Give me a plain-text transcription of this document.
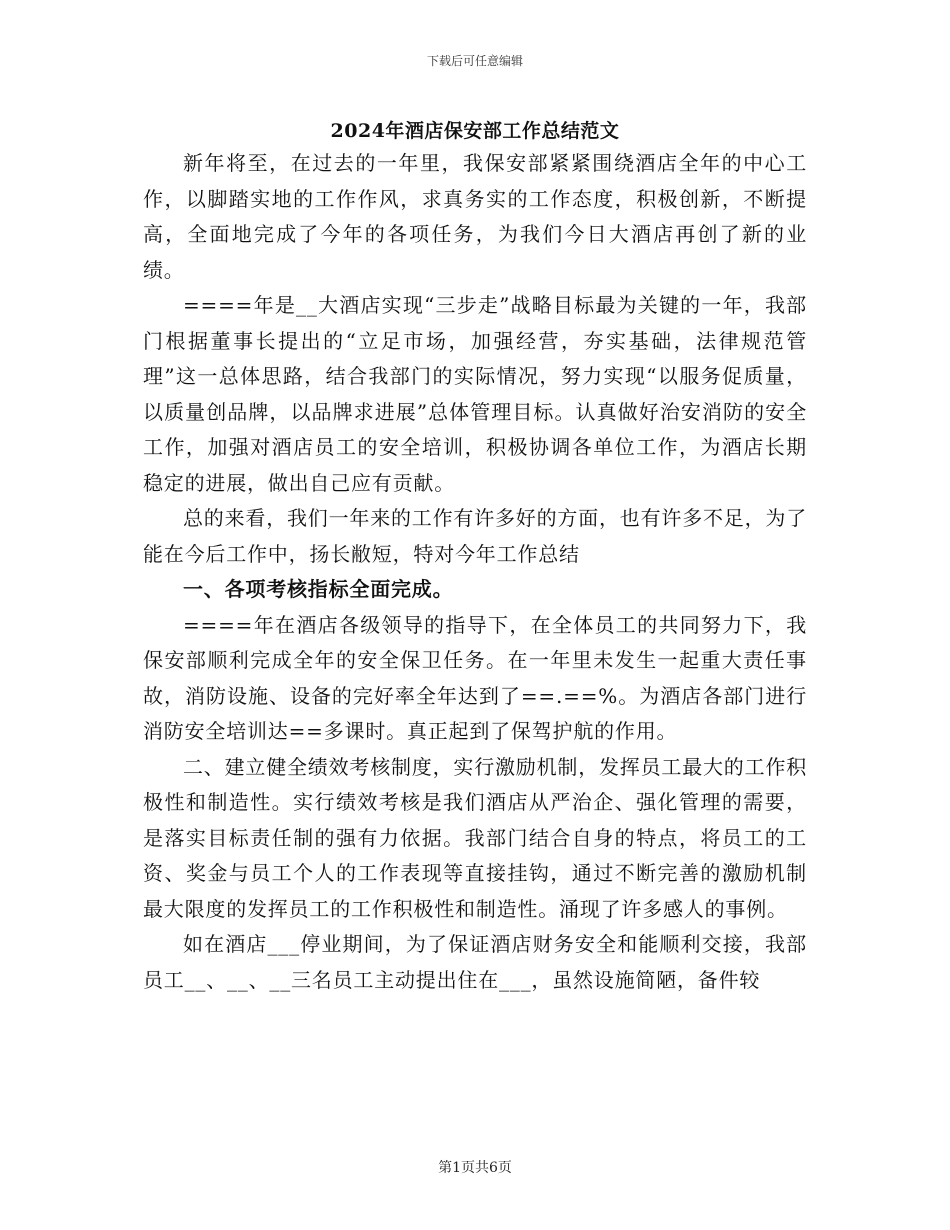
下载后可任意编辑
2024年酒店保安部工作总结范文

新年将至，在过去的一年里，我保安部紧紧围绕酒店全年的中心工作，以脚踏实地的工作作风，求真务实的工作态度，积极创新，不断提高，全面地完成了今年的各项任务，为我们今日大酒店再创了新的业绩。

====年是__大酒店实现“三步走”战略目标最为关键的一年，我部门根据董事长提出的“立足市场，加强经营，夯实基础，法律规范管理”这一总体思路，结合我部门的实际情况，努力实现“以服务促质量，以质量创品牌，以品牌求进展”总体管理目标。认真做好治安消防的安全工作，加强对酒店员工的安全培训，积极协调各单位工作，为酒店长期稳定的进展，做出自己应有贡献。

总的来看，我们一年来的工作有许多好的方面，也有许多不足，为了能在今后工作中，扬长敝短，特对今年工作总结

一、各项考核指标全面完成。

====年在酒店各级领导的指导下，在全体员工的共同努力下，我保安部顺利完成全年的安全保卫任务。在一年里未发生一起重大责任事故，消防设施、设备的完好率全年达到了==.==%。为酒店各部门进行消防安全培训达==多课时。真正起到了保驾护航的作用。

二、建立健全绩效考核制度，实行激励机制，发挥员工最大的工作积极性和制造性。实行绩效考核是我们酒店从严治企、强化管理的需要，是落实目标责任制的强有力依据。我部门结合自身的特点，将员工的工资、奖金与员工个人的工作表现等直接挂钩，通过不断完善的激励机制最大限度的发挥员工的工作积极性和制造性。涌现了许多感人的事例。

如在酒店___停业期间，为了保证酒店财务安全和能顺利交接，我部员工__、__、__三名员工主动提出住在___，虽然设施简陋，备件较

第1页共6页
